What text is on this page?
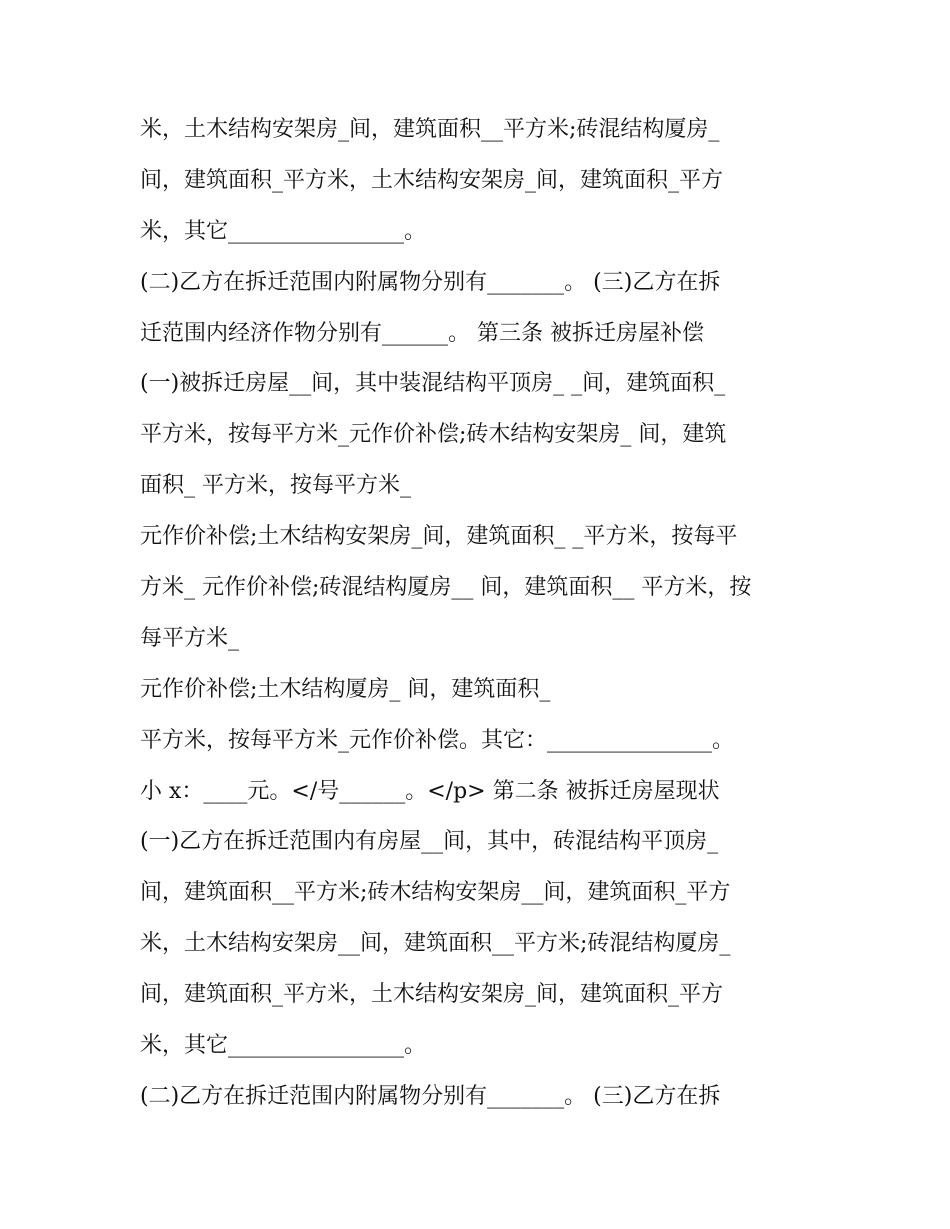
米，土木结构安架房_间，建筑面积__平方米;砖混结构厦房_
间，建筑面积_平方米，土木结构安架房_间，建筑面积_平方
米，其它________________。
(二)乙方在拆迁范围内附属物分别有_______。 (三)乙方在拆
迁范围内经济作物分别有______。 第三条 被拆迁房屋补偿
(一)被拆迁房屋__间，其中装混结构平顶房_ _间，建筑面积_
平方米，按每平方米_元作价补偿;砖木结构安架房_ 间，建筑
面积_ 平方米，按每平方米_
元作价补偿;土木结构安架房_间，建筑面积_ _平方米，按每平
方米_ 元作价补偿;砖混结构厦房__ 间，建筑面积__ 平方米，按
每平方米_
元作价补偿;土木结构厦房_ 间，建筑面积_
平方米，按每平方米_元作价补偿。其它：_______________。
小 x：____元。</号______。</p> 第二条 被拆迁房屋现状
(一)乙方在拆迁范围内有房屋__间，其中，砖混结构平顶房_
间，建筑面积__平方米;砖木结构安架房__间，建筑面积_平方
米，土木结构安架房__间，建筑面积__平方米;砖混结构厦房_
间，建筑面积_平方米，土木结构安架房_间，建筑面积_平方
米，其它________________。
(二)乙方在拆迁范围内附属物分别有_______。 (三)乙方在拆
